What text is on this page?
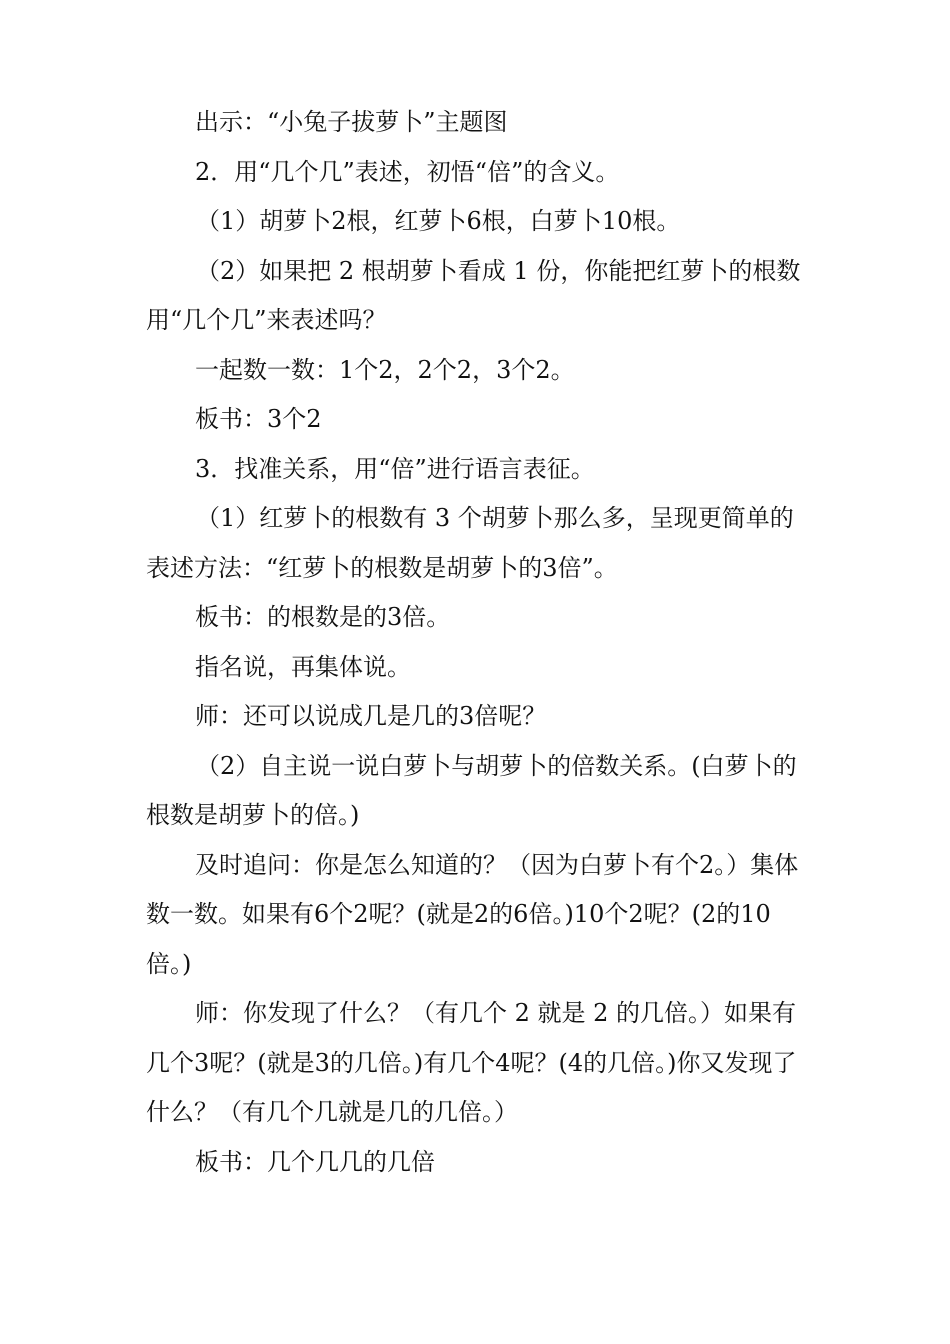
出示：“小兔子拔萝卜”主题图

2．用“几个几”表述，初悟“倍”的含义。

（1）胡萝卜2根，红萝卜6根，白萝卜10根。

（2）如果把 2 根胡萝卜看成 1 份，你能把红萝卜的根数用“几个几”来表述吗？

一起数一数：1个2，2个2，3个2。

板书：3个2

3．找准关系，用“倍”进行语言表征。

（1）红萝卜的根数有 3 个胡萝卜那么多，呈现更简单的表述方法：“红萝卜的根数是胡萝卜的3倍”。

板书：的根数是的3倍。

指名说，再集体说。

师：还可以说成几是几的3倍呢？

（2）自主说一说白萝卜与胡萝卜的倍数关系。(白萝卜的根数是胡萝卜的倍。)

及时追问：你是怎么知道的？（因为白萝卜有个2。）集体数一数。如果有6个2呢？(就是2的6倍。)10个2呢？(2的10倍。)

师：你发现了什么？（有几个 2 就是 2 的几倍。）如果有几个3呢？(就是3的几倍。)有几个4呢？(4的几倍。)你又发现了什么？（有几个几就是几的几倍。）

板书：几个几几的几倍
